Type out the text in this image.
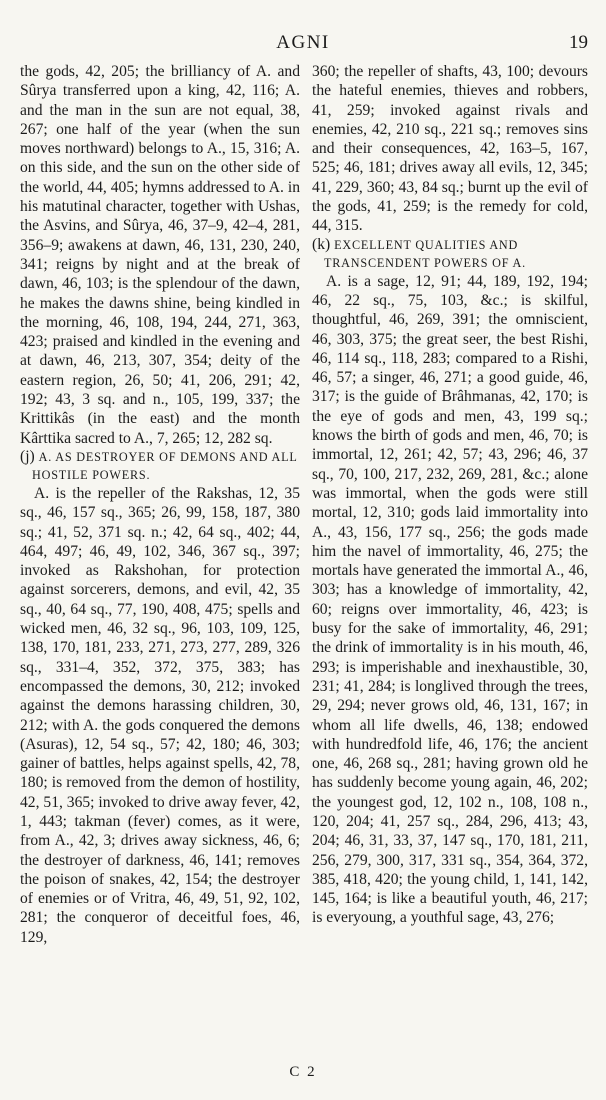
AGNI	19

the gods, 42, 205; the brilliancy of A. and Sûrya transferred upon a king, 42, 116; A. and the man in the sun are not equal, 38, 267; one half of the year (when the sun moves northward) belongs to A., 15, 316; A. on this side, and the sun on the other side of the world, 44, 405; hymns addressed to A. in his matutinal character, together with Ushas, the Asvins, and Sûrya, 46, 37–9, 42–4, 281, 356–9; awakens at dawn, 46, 131, 230, 240, 341; reigns by night and at the break of dawn, 46, 103; is the splendour of the dawn, he makes the dawns shine, being kindled in the morning, 46, 108, 194, 244, 271, 363, 423; praised and kindled in the evening and at dawn, 46, 213, 307, 354; deity of the eastern region, 26, 50; 41, 206, 291; 42, 192; 43, 3 sq. and n., 105, 199, 337; the Krittikâs (in the east) and the month Kârttika sacred to A., 7, 265; 12, 282 sq.

(j) A. AS DESTROYER OF DEMONS AND ALL HOSTILE POWERS.

A. is the repeller of the Rakshas, 12, 35 sq., 46, 157 sq., 365; 26, 99, 158, 187, 380 sq.; 41, 52, 371 sq. n.; 42, 64 sq., 402; 44, 464, 497; 46, 49, 102, 346, 367 sq., 397; invoked as Rakshohan, for protection against sorcerers, demons, and evil, 42, 35 sq., 40, 64 sq., 77, 190, 408, 475; spells and wicked men, 46, 32 sq., 96, 103, 109, 125, 138, 170, 181, 233, 271, 273, 277, 289, 326 sq., 331–4, 352, 372, 375, 383; has encompassed the demons, 30, 212; invoked against the demons harassing children, 30, 212; with A. the gods conquered the demons (Asuras), 12, 54 sq., 57; 42, 180; 46, 303; gainer of battles, helps against spells, 42, 78, 180; is removed from the demon of hostility, 42, 51, 365; invoked to drive away fever, 42, 1, 443; takman (fever) comes, as it were, from A., 42, 3; drives away sickness, 46, 6; the destroyer of darkness, 46, 141; removes the poison of snakes, 42, 154; the destroyer of enemies or of Vritra, 46, 49, 51, 92, 102, 281; the conqueror of deceitful foes, 46, 129,

360; the repeller of shafts, 43, 100; devours the hateful enemies, thieves and robbers, 41, 259; invoked against rivals and enemies, 42, 210 sq., 221 sq.; removes sins and their consequences, 42, 163–5, 167, 525; 46, 181; drives away all evils, 12, 345; 41, 229, 360; 43, 84 sq.; burnt up the evil of the gods, 41, 259; is the remedy for cold, 44, 315.

(k) EXCELLENT QUALITIES AND TRANSCENDENT POWERS OF A.

A. is a sage, 12, 91; 44, 189, 192, 194; 46, 22 sq., 75, 103, &c.; is skilful, thoughtful, 46, 269, 391; the omniscient, 46, 303, 375; the great seer, the best Rishi, 46, 114 sq., 118, 283; compared to a Rishi, 46, 57; a singer, 46, 271; a good guide, 46, 317; is the guide of Brâhmanas, 42, 170; is the eye of gods and men, 43, 199 sq.; knows the birth of gods and men, 46, 70; is immortal, 12, 261; 42, 57; 43, 296; 46, 37 sq., 70, 100, 217, 232, 269, 281, &c.; alone was immortal, when the gods were still mortal, 12, 310; gods laid immortality into A., 43, 156, 177 sq., 256; the gods made him the navel of immortality, 46, 275; the mortals have generated the immortal A., 46, 303; has a knowledge of immortality, 42, 60; reigns over immortality, 46, 423; is busy for the sake of immortality, 46, 291; the drink of immortality is in his mouth, 46, 293; is imperishable and inexhaustible, 30, 231; 41, 284; is longlived through the trees, 29, 294; never grows old, 46, 131, 167; in whom all life dwells, 46, 138; endowed with hundredfold life, 46, 176; the ancient one, 46, 268 sq., 281; having grown old he has suddenly become young again, 46, 202; the youngest god, 12, 102 n., 108, 108 n., 120, 204; 41, 257 sq., 284, 296, 413; 43, 204; 46, 31, 33, 37, 147 sq., 170, 181, 211, 256, 279, 300, 317, 331 sq., 354, 364, 372, 385, 418, 420; the young child, 1, 141, 142, 145, 164; is like a beautiful youth, 46, 217; is everyoung, a youthful sage, 43, 276;

C 2
